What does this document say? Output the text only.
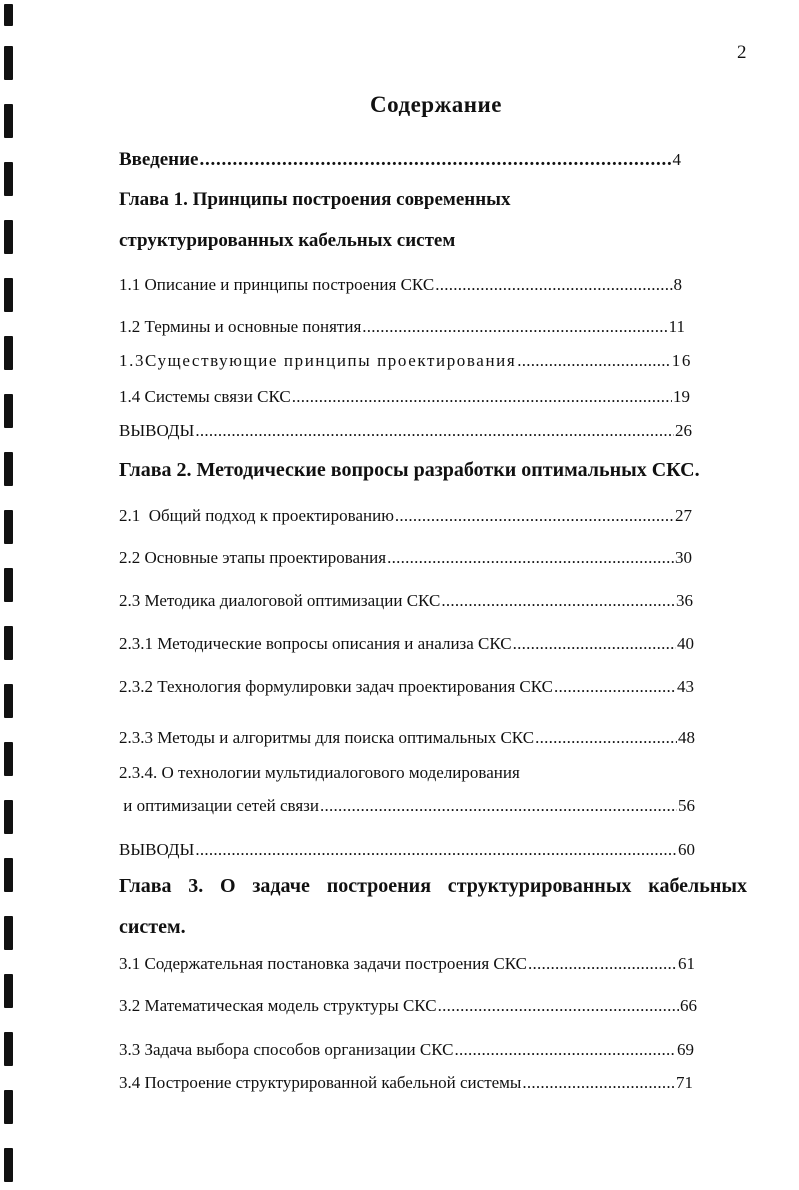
2
Содержание
Введение . . .	4
Глава 1. Принципы построения современных
структурированных кабельных систем
1.1 Описание и принципы построения СКС . . .	8
1.2 Термины и основные понятия . . .	11
1.3Существующие принципы проектирования . . .	16
1.4 Системы связи СКС . . .	19
ВЫВОДЫ . . .	26
Глава 2. Методические вопросы разработки оптимальных СКС.
2.1  Общий подход к проектированию . . .	27
2.2 Основные этапы проектирования . . .	30
2.3 Методика диалоговой оптимизации СКС . . .	36
2.3.1 Методические вопросы описания и анализа СКС . . .	40
2.3.2 Технология формулировки задач проектирования СКС . . .	43
2.3.3 Методы и алгоритмы для поиска оптимальных СКС . . .	48
2.3.4. О технологии мультидиалогового моделирования
и оптимизации сетей связи . . .	56
ВЫВОДЫ . . .	60
Глава 3. О задаче построения структурированных кабельных
систем.
3.1 Содержательная постановка задачи построения СКС . . .	61
3.2 Математическая модель структуры СКС . . .	66
3.3 Задача выбора способов организации СКС . . .	69
3.4 Построение структурированной кабельной системы . . .	71
